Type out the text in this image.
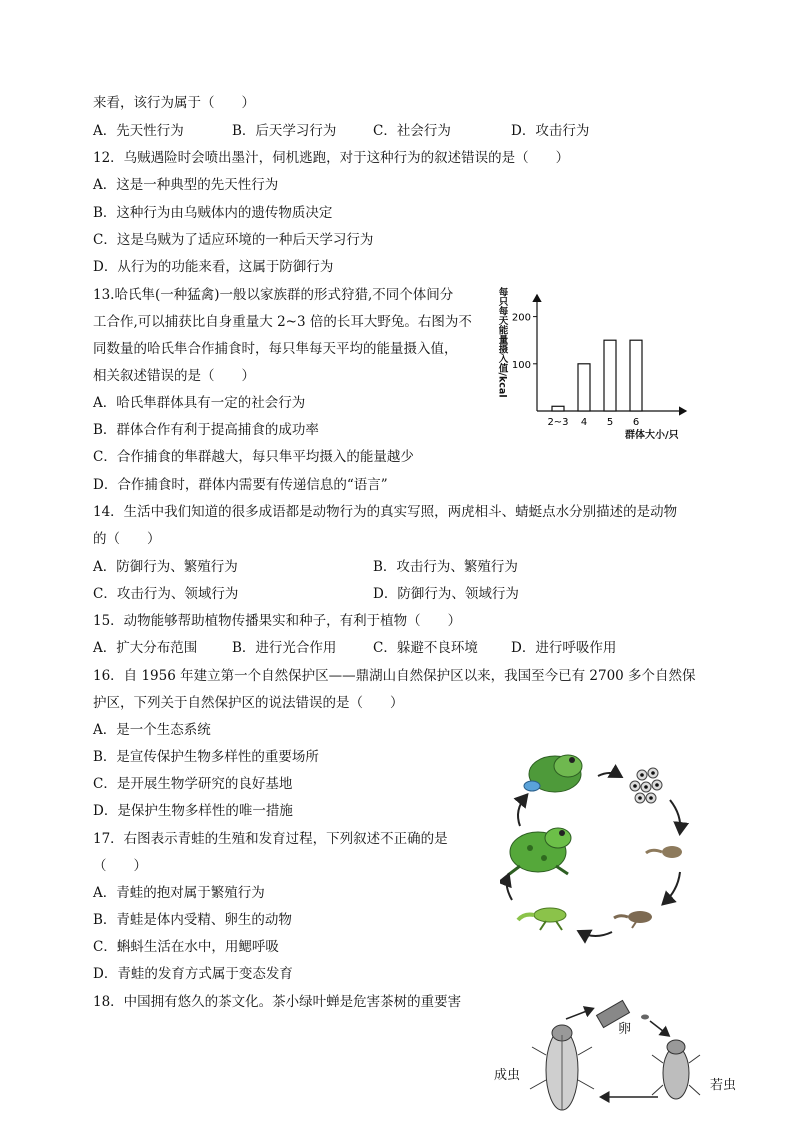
来看，该行为属于（　　）
A．先天性行为	B．后天学习行为	C．社会行为	D．攻击行为
12．乌贼遇险时会喷出墨汁，伺机逃跑，对于这种行为的叙述错误的是（　　）
A．这是一种典型的先天性行为
B．这种行为由乌贼体内的遗传物质决定
C．这是乌贼为了适应环境的一种后天学习行为
D．从行为的功能来看，这属于防御行为
13.哈氏隼(一种猛禽)一般以家族群的形式狩猎,不同个体间分
工合作,可以捕获比自身重量大 2~3 倍的长耳大野兔。右图为不
同数量的哈氏隼合作捕食时，每只隼每天平均的能量摄入值，
相关叙述错误的是（　　）
A．哈氏隼群体具有一定的社会行为
B．群体合作有利于提高捕食的成功率
C．合作捕食的隼群越大，每只隼平均摄入的能量越少
D．合作捕食时，群体内需要有传递信息的“语言”
每只每天能量摄入值/kcal
群体大小/只
100
200
2~3 4 5 6
14．生活中我们知道的很多成语都是动物行为的真实写照，两虎相斗、蜻蜓点水分别描述的是动物
的（　　）
A．防御行为、繁殖行为	B．攻击行为、繁殖行为
C．攻击行为、领域行为	D．防御行为、领域行为
15．动物能够帮助植物传播果实和种子，有利于植物（　　）
A．扩大分布范围	B．进行光合作用	C．躲避不良环境 D．进行呼吸作用
16．自 1956 年建立第一个自然保护区——鼎湖山自然保护区以来，我国至今已有 2700 多个自然保
护区，下列关于自然保护区的说法错误的是（　　）
A．是一个生态系统
B．是宣传保护生物多样性的重要场所
C．是开展生物学研究的良好基地
D．是保护生物多样性的唯一措施
17．右图表示青蛙的生殖和发育过程，下列叙述不正确的是
（　　）
A．青蛙的抱对属于繁殖行为
B．青蛙是体内受精、卵生的动物
C．蝌蚪生活在水中，用鳃呼吸
D．青蛙的发育方式属于变态发育
18．中国拥有悠久的茶文化。茶小绿叶蝉是危害茶树的重要害
卵
成虫
若虫
